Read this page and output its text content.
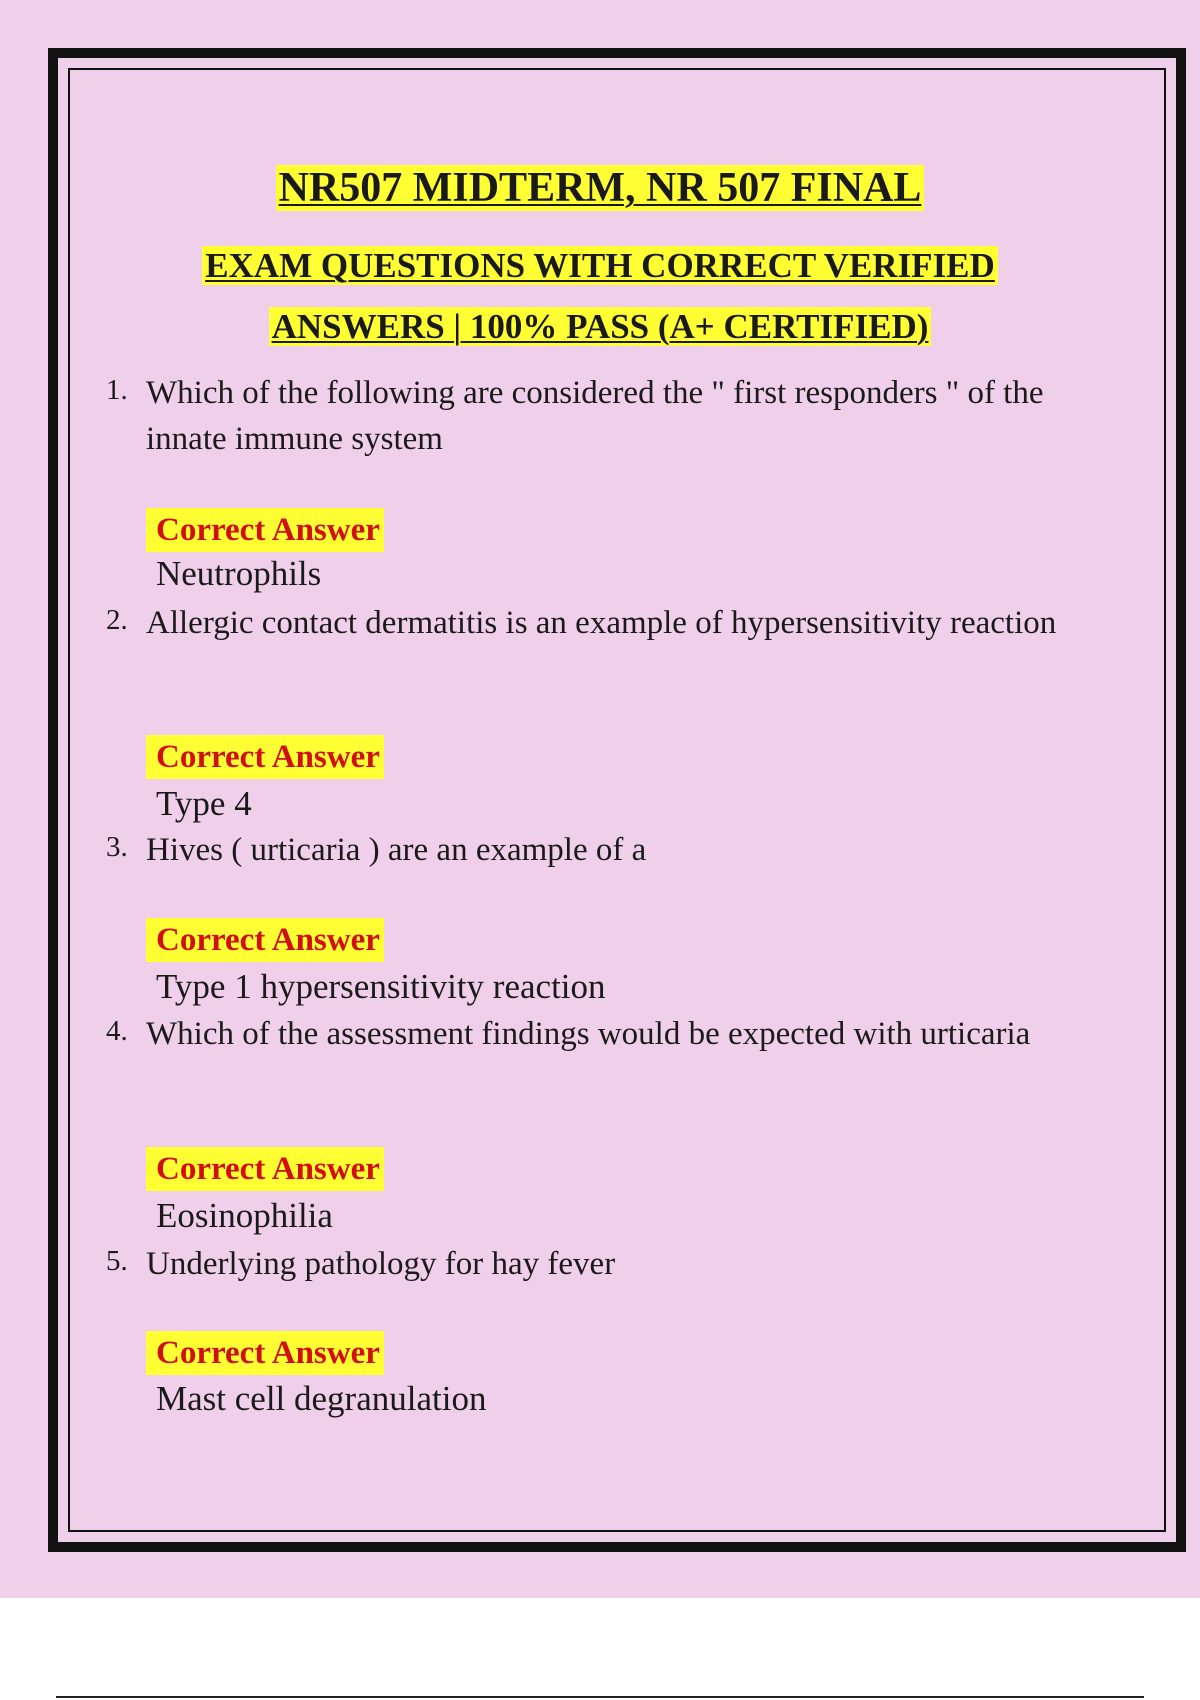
NR507 MIDTERM, NR 507 FINAL
EXAM QUESTIONS WITH CORRECT VERIFIED
ANSWERS | 100% PASS (A+ CERTIFIED)
1. Which of the following are considered the " first responders " of the innate immune system
Correct Answer
Neutrophils
2. Allergic contact dermatitis is an example of hypersensitivity reaction
Correct Answer
Type 4
3. Hives ( urticaria ) are an example of a
Correct Answer
Type 1 hypersensitivity reaction
4. Which of the assessment findings would be expected with urticaria
Correct Answer
Eosinophilia
5. Underlying pathology for hay fever
Correct Answer
Mast cell degranulation
